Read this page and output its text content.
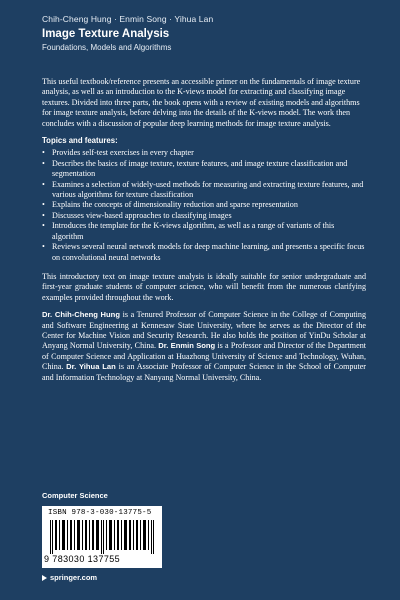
Chih-Cheng Hung · Enmin Song · Yihua Lan
Image Texture Analysis
Foundations, Models and Algorithms

This useful textbook/reference presents an accessible primer on the fundamentals of image texture analysis, as well as an introduction to the K-views model for extracting and classifying image textures. Divided into three parts, the book opens with a review of existing models and algorithms for image texture analysis, before delving into the details of the K-views model. The work then concludes with a discussion of popular deep learning methods for image texture analysis.

Topics and features:
• Provides self-test exercises in every chapter
• Describes the basics of image texture, texture features, and image texture classification and segmentation
• Examines a selection of widely-used methods for measuring and extracting texture features, and various algorithms for texture classification
• Explains the concepts of dimensionality reduction and sparse representation
• Discusses view-based approaches to classifying images
• Introduces the template for the K-views algorithm, as well as a range of variants of this algorithm
• Reviews several neural network models for deep machine learning, and presents a specific focus on convolutional neural networks

This introductory text on image texture analysis is ideally suitable for senior undergraduate and first-year graduate students of computer science, who will benefit from the numerous clarifying examples provided throughout the work.

Dr. Chih-Cheng Hung is a Tenured Professor of Computer Science in the College of Computing and Software Engineering at Kennesaw State University, where he serves as the Director of the Center for Machine Vision and Security Research. He also holds the position of YinDu Scholar at Anyang Normal University, China. Dr. Enmin Song is a Professor and Director of the Department of Computer Science and Application at Huazhong University of Science and Technology, Wuhan, China. Dr. Yihua Lan is an Associate Professor of Computer Science in the School of Computer and Information Technology at Nanyang Normal University, China.

Computer Science
ISBN 978-3-030-13775-5
9 783030 137755
springer.com
